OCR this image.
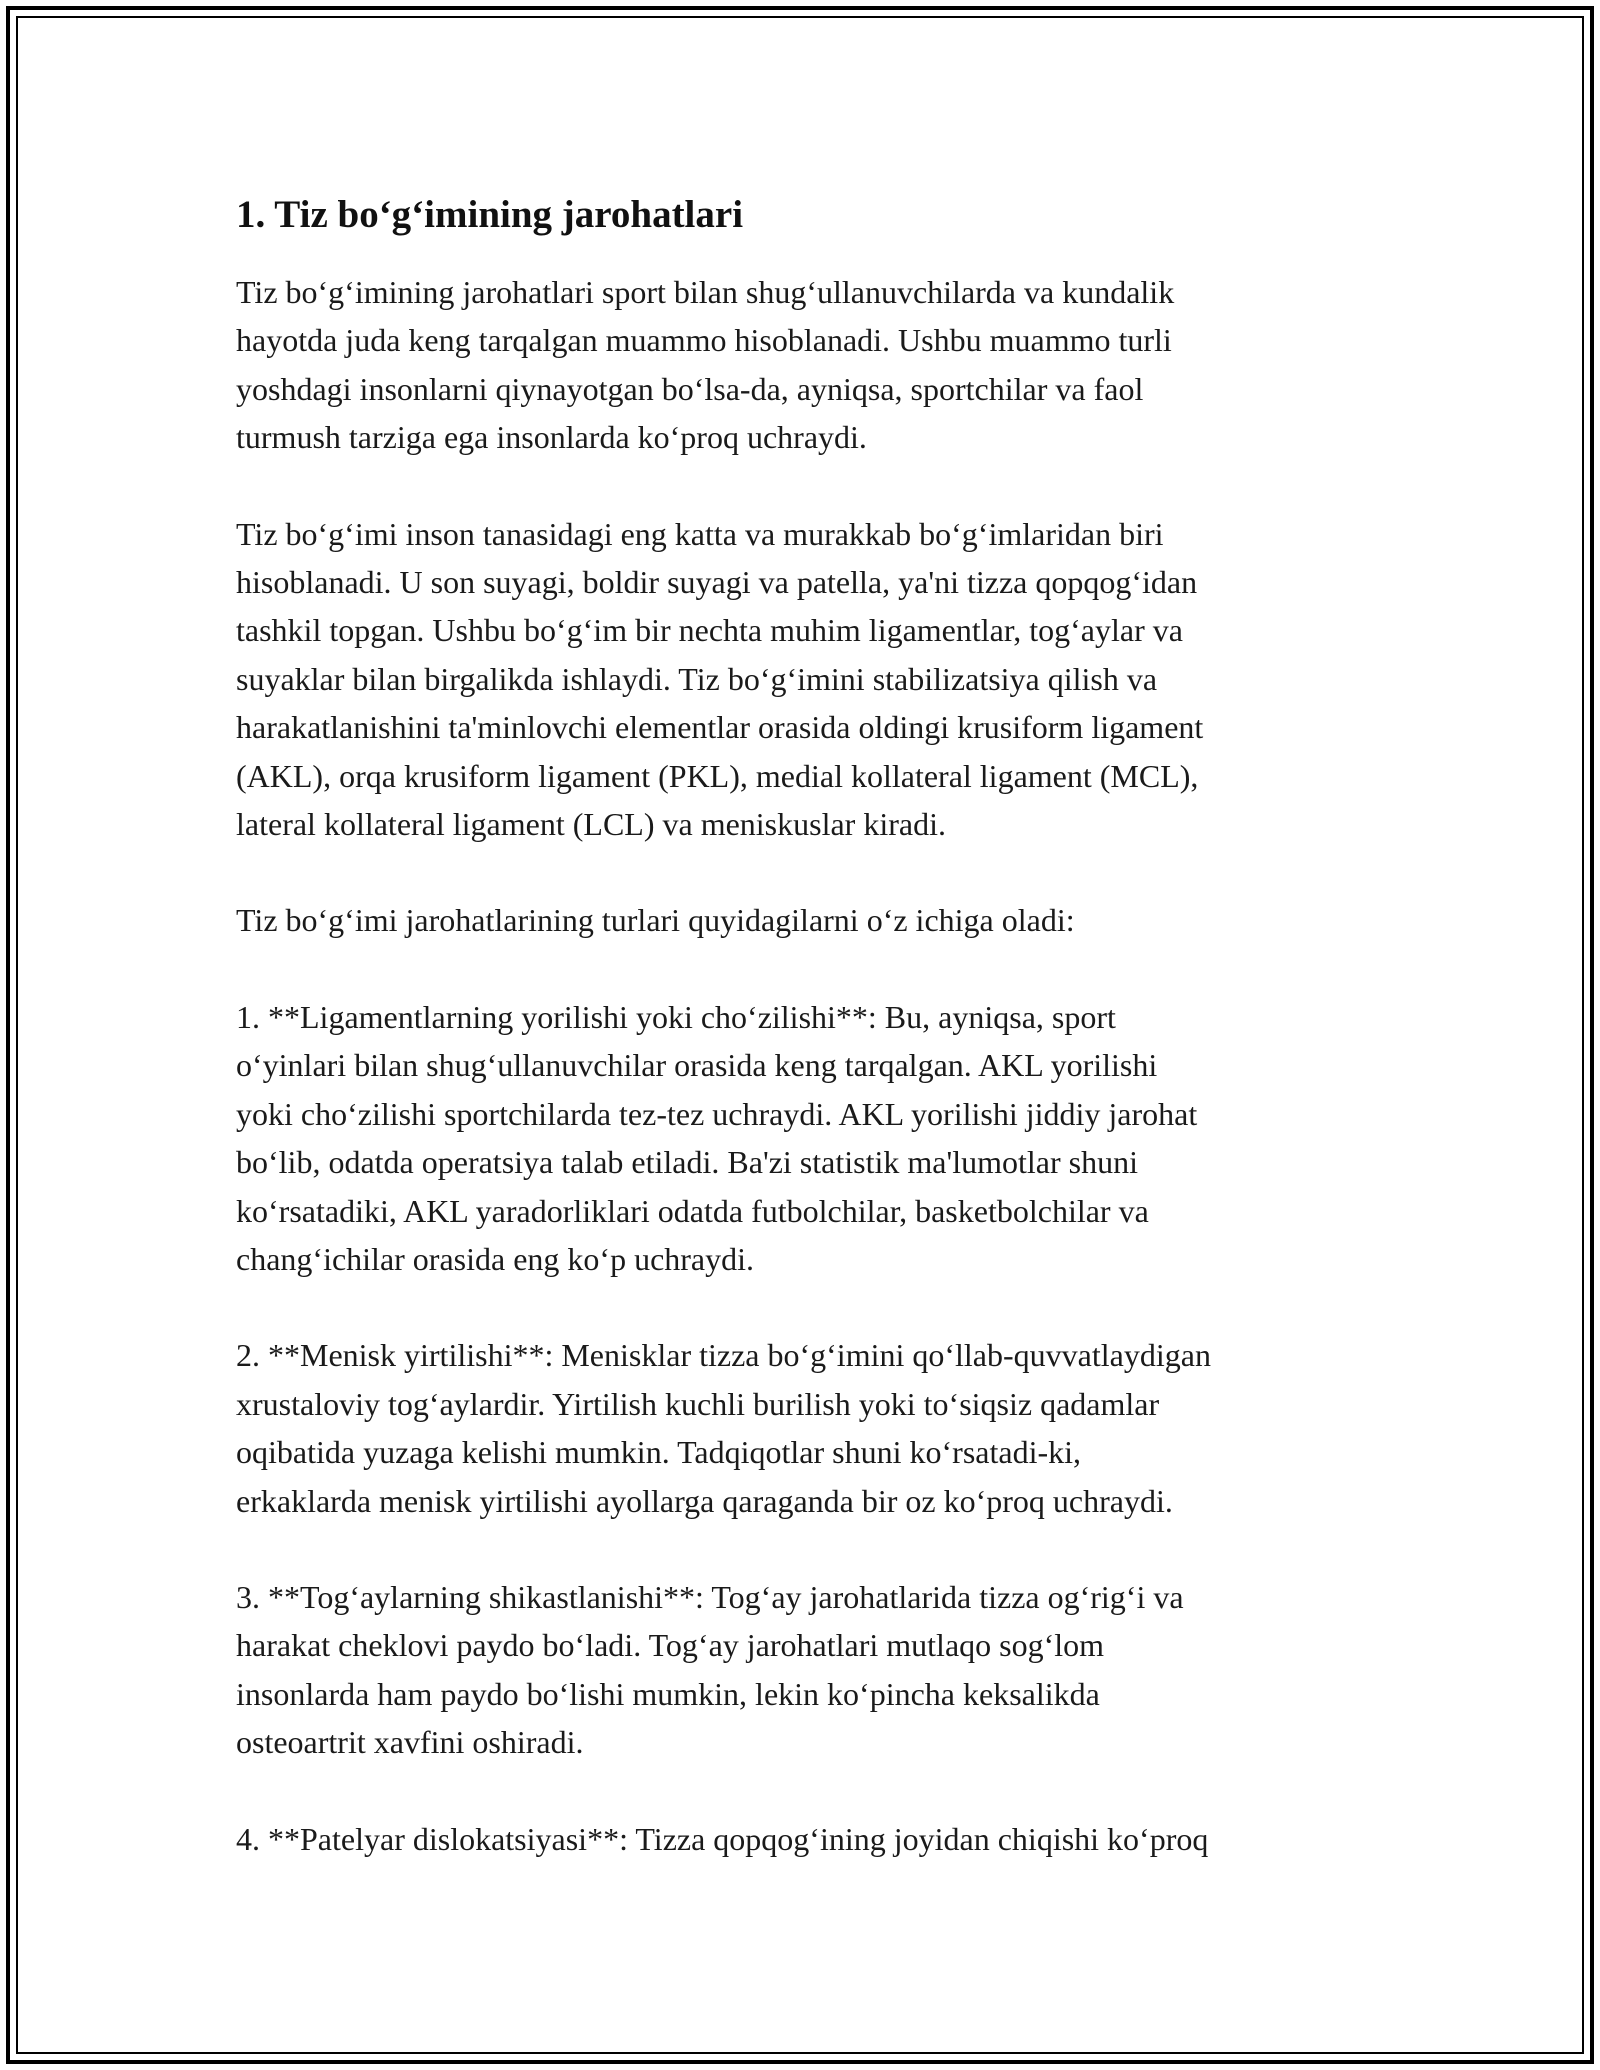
1. Tiz bo‘g‘imining jarohatlari

Tiz bo‘g‘imining jarohatlari sport bilan shug‘ullanuvchilarda va kundalik
hayotda juda keng tarqalgan muammo hisoblanadi. Ushbu muammo turli
yoshdagi insonlarni qiynayotgan bo‘lsa-da, ayniqsa, sportchilar va faol
turmush tarziga ega insonlarda ko‘proq uchraydi.

Tiz bo‘g‘imi inson tanasidagi eng katta va murakkab bo‘g‘imlaridan biri
hisoblanadi. U son suyagi, boldir suyagi va patella, ya'ni tizza qopqog‘idan
tashkil topgan. Ushbu bo‘g‘im bir nechta muhim ligamentlar, tog‘aylar va
suyaklar bilan birgalikda ishlaydi. Tiz bo‘g‘imini stabilizatsiya qilish va
harakatlanishini ta'minlovchi elementlar orasida oldingi krusiform ligament
(AKL), orqa krusiform ligament (PKL), medial kollateral ligament (MCL),
lateral kollateral ligament (LCL) va meniskuslar kiradi.

Tiz bo‘g‘imi jarohatlarining turlari quyidagilarni o‘z ichiga oladi:

1. **Ligamentlarning yorilishi yoki cho‘zilishi**: Bu, ayniqsa, sport
o‘yinlari bilan shug‘ullanuvchilar orasida keng tarqalgan. AKL yorilishi
yoki cho‘zilishi sportchilarda tez-tez uchraydi. AKL yorilishi jiddiy jarohat
bo‘lib, odatda operatsiya talab etiladi. Ba'zi statistik ma'lumotlar shuni
ko‘rsatadiki, AKL yaradorliklari odatda futbolchilar, basketbolchilar va
chang‘ichilar orasida eng ko‘p uchraydi.

2. **Menisk yirtilishi**: Menisklar tizza bo‘g‘imini qo‘llab-quvvatlaydigan
xrustaloviy tog‘aylardir. Yirtilish kuchli burilish yoki to‘siqsiz qadamlar
oqibatida yuzaga kelishi mumkin. Tadqiqotlar shuni ko‘rsatadi-ki,
erkaklarda menisk yirtilishi ayollarga qaraganda bir oz ko‘proq uchraydi.

3. **Tog‘aylarning shikastlanishi**: Tog‘ay jarohatlarida tizza og‘rig‘i va
harakat cheklovi paydo bo‘ladi. Tog‘ay jarohatlari mutlaqo sog‘lom
insonlarda ham paydo bo‘lishi mumkin, lekin ko‘pincha keksalikda
osteoartrit xavfini oshiradi.

4. **Patelyar dislokatsiyasi**: Tizza qopqog‘ining joyidan chiqishi ko‘proq
